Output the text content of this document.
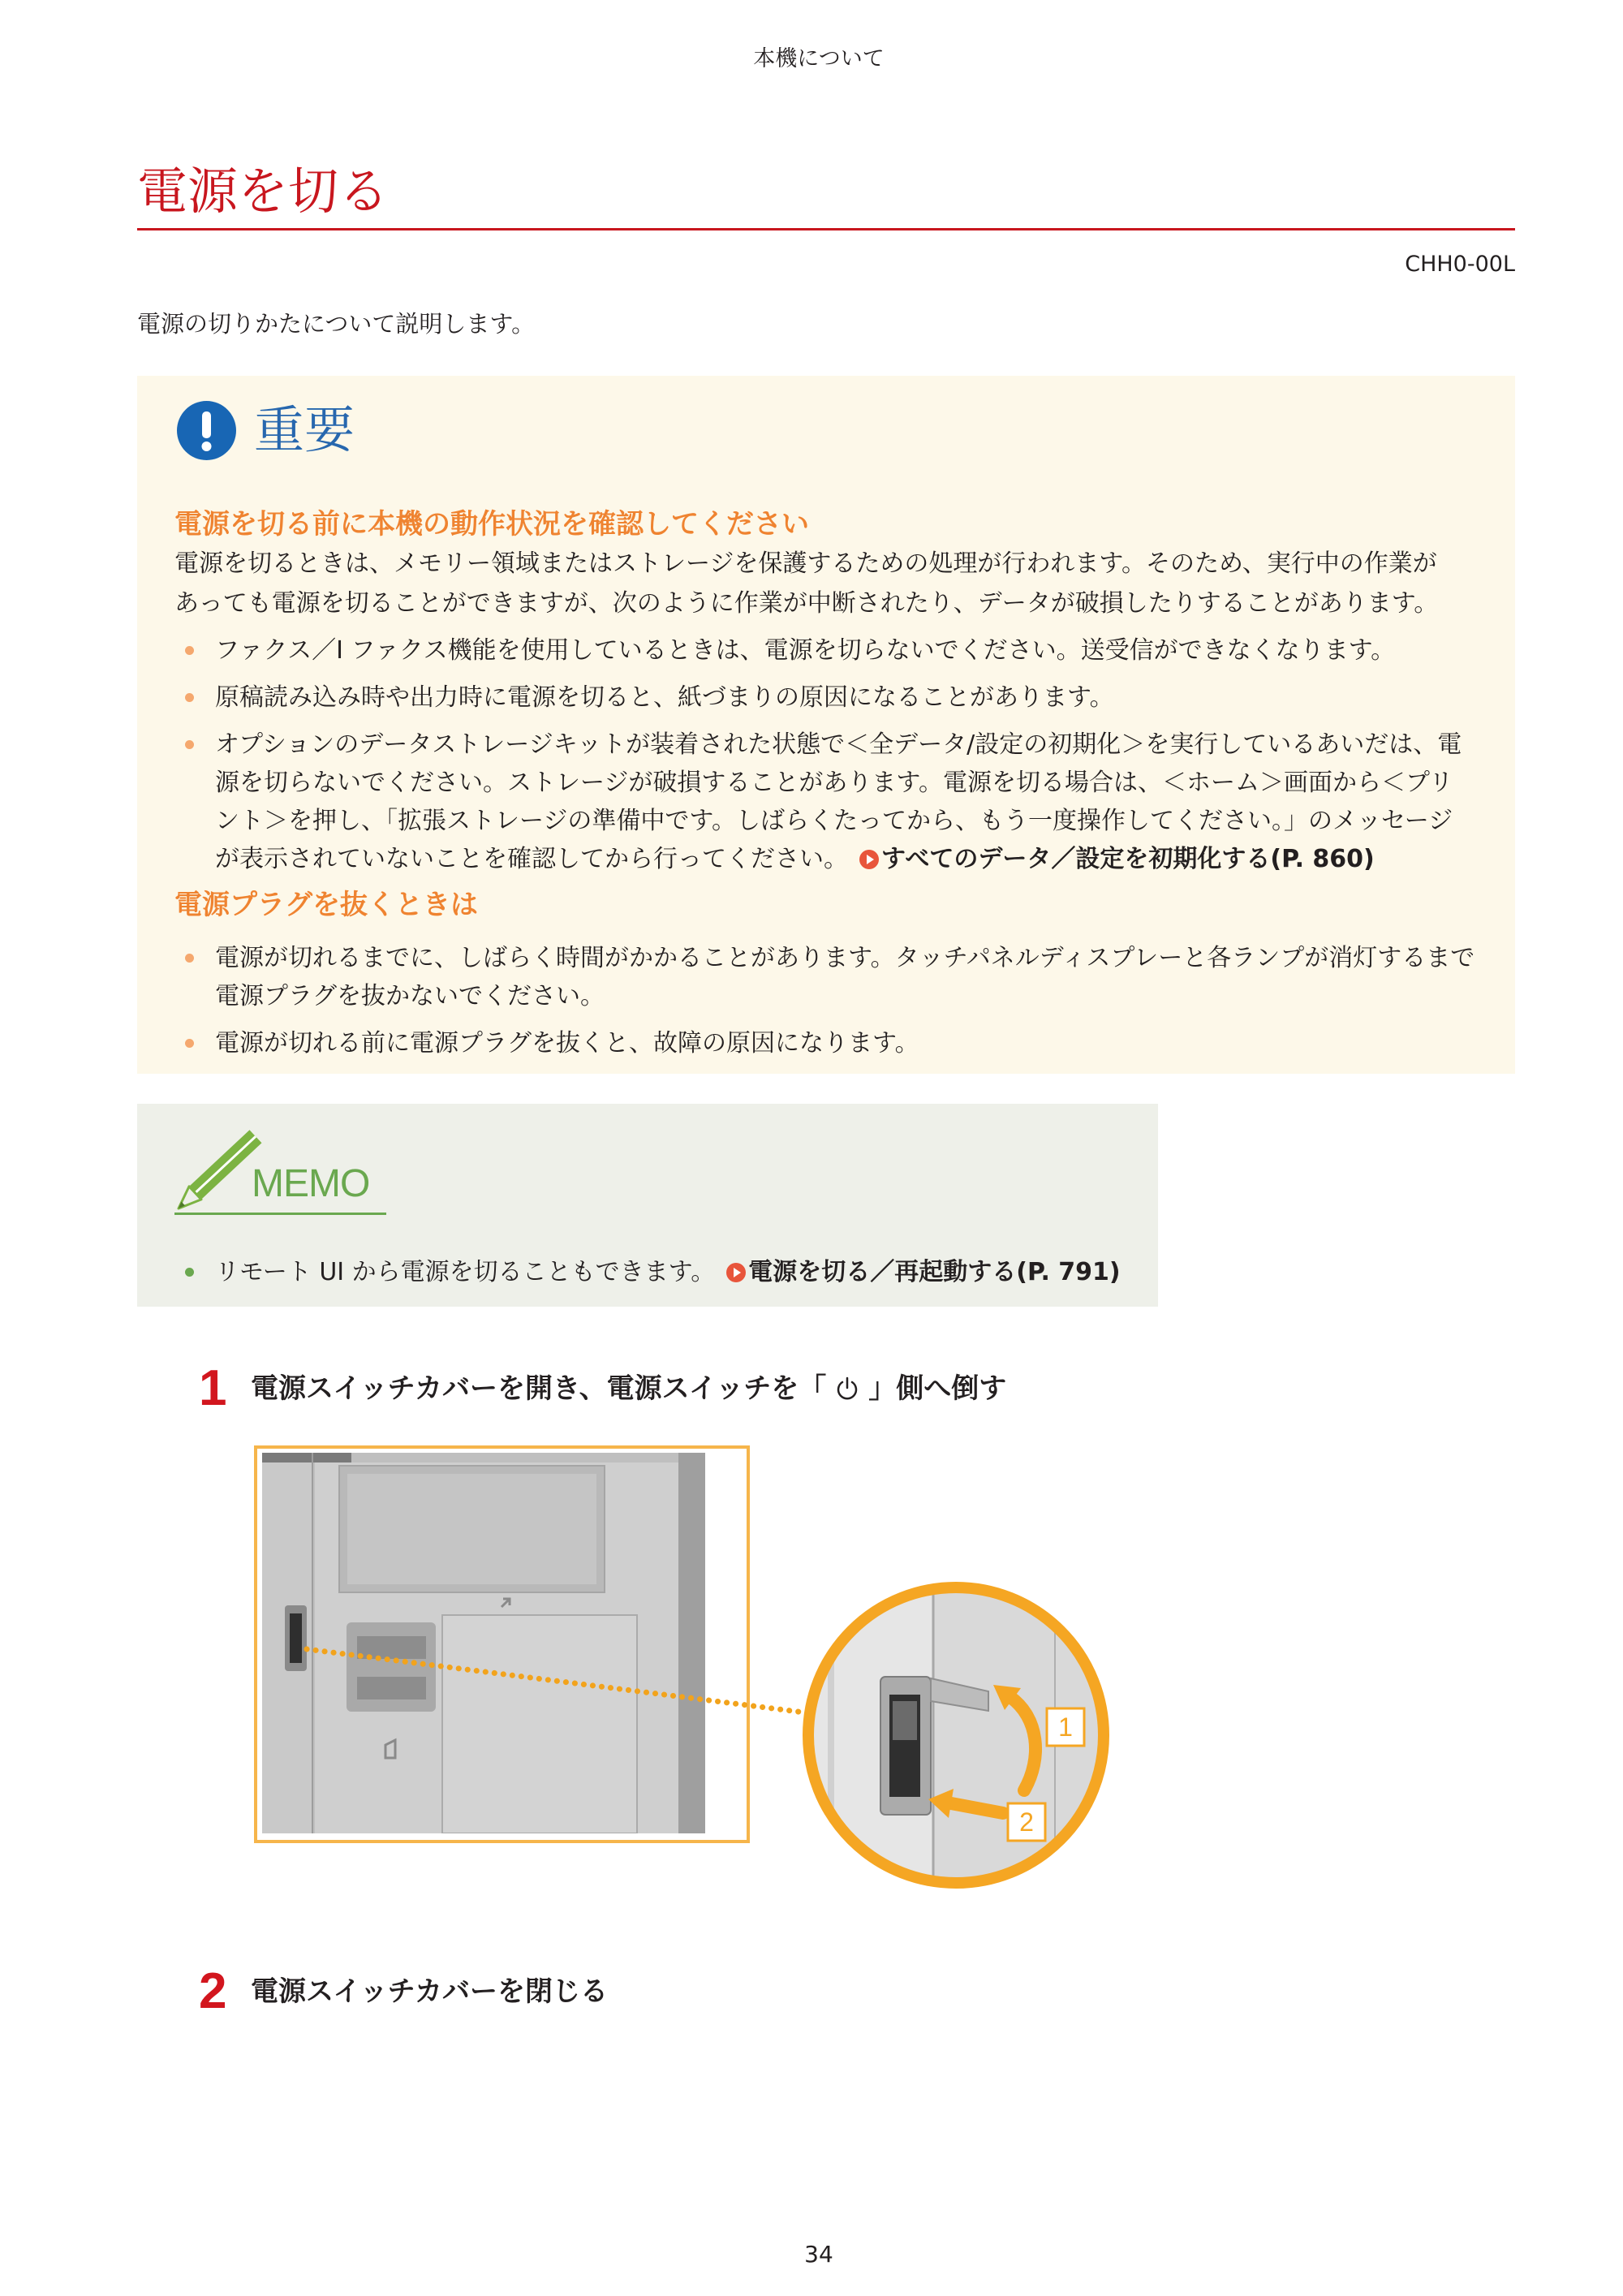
本機について
電源を切る
CHH0-00L

電源の切りかたについて説明します。

重要
電源を切る前に本機の動作状況を確認してください

電源を切るときは、メモリー領域またはストレージを保護するための処理が行われます。そのため、実行中の作業があっても電源を切ることができますが、次のように作業が中断されたり、データが破損したりすることがあります。

ファクス／I ファクス機能を使用しているときは、電源を切らないでください。送受信ができなくなります。
原稿読み込み時や出力時に電源を切ると、紙づまりの原因になることがあります。
オプションのデータストレージキットが装着された状態で＜全データ/設定の初期化＞を実行しているあいだは、電源を切らないでください。ストレージが破損することがあります。電源を切る場合は、＜ホーム＞画面から＜プリント＞を押し、「拡張ストレージの準備中です。しばらくたってから、もう一度操作してください。」のメッセージが表示されていないことを確認してから行ってください。 すべてのデータ／設定を初期化する(P. 860)
電源プラグを抜くときは
電源が切れるまでに、しばらく時間がかかることがあります。タッチパネルディスプレーと各ランプが消灯するまで電源プラグを抜かないでください。
電源が切れる前に電源プラグを抜くと、故障の原因になります。
MEMO
リモート UI から電源を切ることもできます。 電源を切る／再起動する(P. 791)
1 電源スイッチカバーを開き、電源スイッチを「 」側へ倒す
1
2
2 電源スイッチカバーを閉じる
34
